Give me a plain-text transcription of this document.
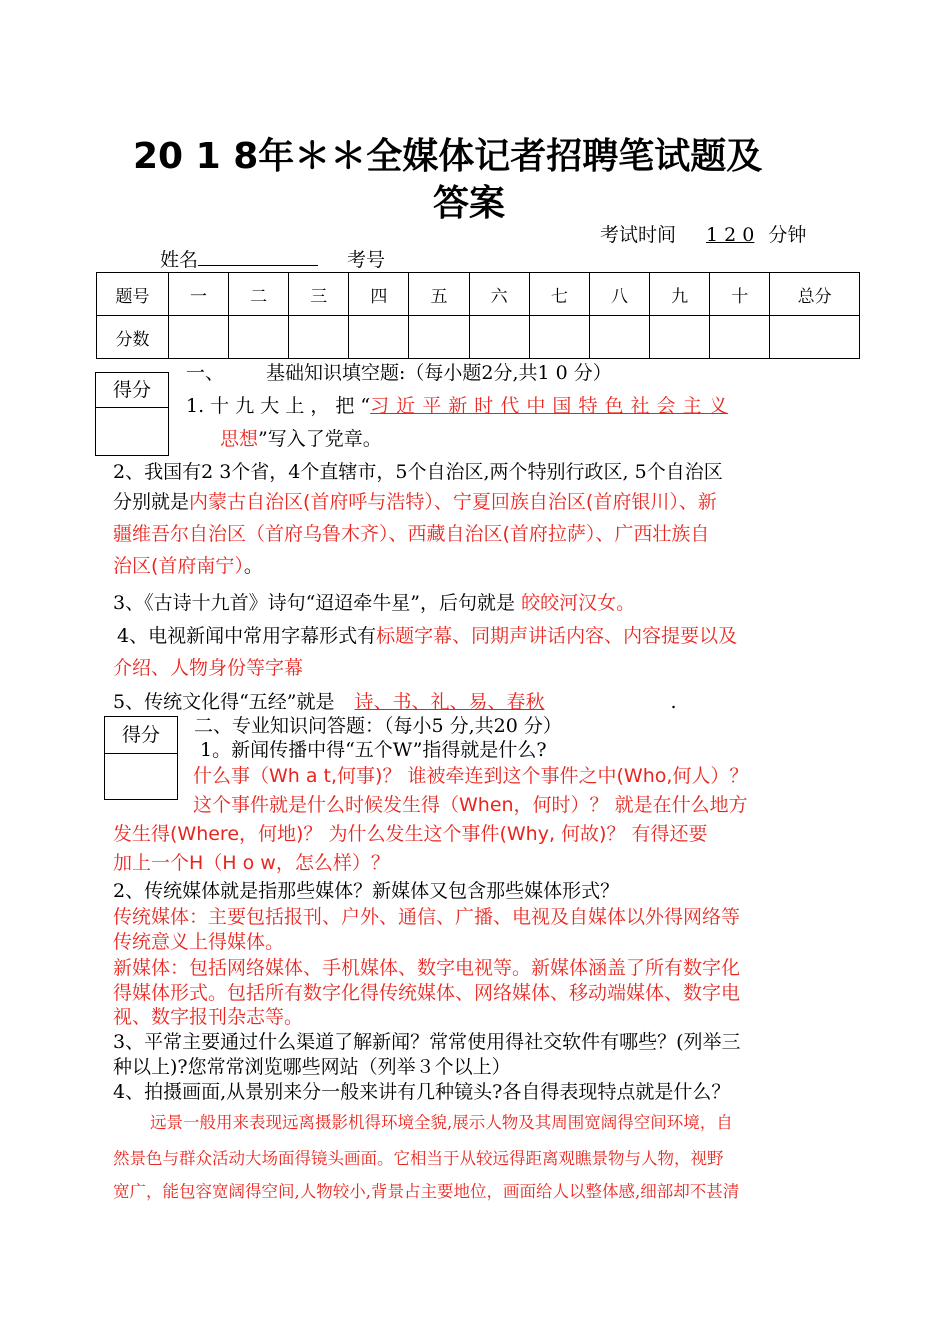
20 1 8年＊＊全媒体记者招聘笔试题及
答案
考试时间 1 2 0 分钟
姓名	考号
题号	一	二	三	四	五	六	七	八	九	十	总分
分数											
得分
一、 基础知识填空题:（每小题2分,共1 0 分）
1. 十 九 大 上 ， 把 “习 近 平 新 时 代 中 国 特 色 社 会 主 义
思想”写入了党章。
2、我国有2 3个省，4个直辖市，5个自治区,两个特别行政区, 5个自治区
分别就是内蒙古自治区(首府呼与浩特）、宁夏回族自治区(首府银川）、新
疆维吾尔自治区（首府乌鲁木齐）、西藏自治区(首府拉萨）、广西壮族自
治区(首府南宁）。
3、《古诗十九首》诗句“迢迢牵牛星”，后句就是 皎皎河汉女。
4、电视新闻中常用字幕形式有标题字幕、同期声讲话内容、内容提要以及
介绍、人物身份等字幕
5、传统文化得“五经”就是 诗、书、礼、易、春秋	.
得分	二、专业知识问答题：（每小5 分,共20 分）
1。新闻传播中得“五个W”指得就是什么?
什么事（Wh a t,何事)？ 谁被牵连到这个事件之中(Who,何人）？
这个事件就是什么时候发生得（When，何时）？ 就是在什么地方
发生得(Where，何地)？ 为什么发生这个事件(Why, 何故)？ 有得还要
加上一个H（H o w，怎么样）？
2、传统媒体就是指那些媒体？新媒体又包含那些媒体形式？
传统媒体：主要包括报刊、户外、通信、广播、电视及自媒体以外得网络等
传统意义上得媒体。
新媒体：包括网络媒体、手机媒体、数字电视等。新媒体涵盖了所有数字化
得媒体形式。包括所有数字化得传统媒体、网络媒体、移动端媒体、数字电
视、数字报刊杂志等。
3、平常主要通过什么渠道了解新闻？常常使用得社交软件有哪些？(列举三
种以上)?您常常浏览哪些网站（列举３个以上）
4、拍摄画面,从景别来分一般来讲有几种镜头?各自得表现特点就是什么？
远景一般用来表现远离摄影机得环境全貌,展示人物及其周围宽阔得空间环境，自
然景色与群众活动大场面得镜头画面。它相当于从较远得距离观瞧景物与人物，视野
宽广，能包容宽阔得空间,人物较小,背景占主要地位，画面给人以整体感,细部却不甚清
